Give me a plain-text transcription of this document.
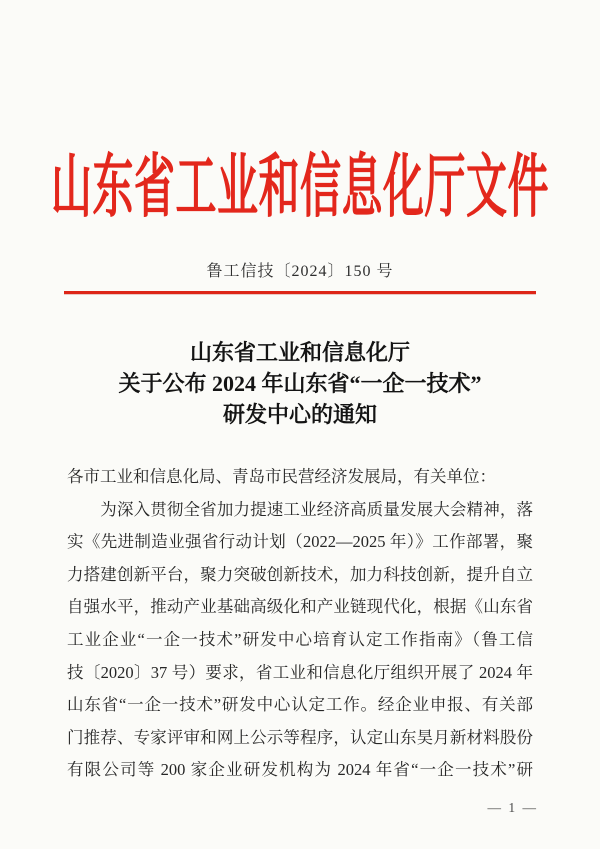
山东省工业和信息化厅文件
鲁工信技〔2024〕150 号
山东省工业和信息化厅
关于公布 2024 年山东省“一企一技术”
研发中心的通知
各市工业和信息化局、青岛市民营经济发展局，有关单位：
　　为深入贯彻全省加力提速工业经济高质量发展大会精神，落
实《先进制造业强省行动计划（2022—2025 年）》工作部署，聚
力搭建创新平台，聚力突破创新技术，加力科技创新，提升自立
自强水平，推动产业基础高级化和产业链现代化，根据《山东省
工业企业“一企一技术”研发中心培育认定工作指南》（鲁工信
技〔2020〕37 号）要求，省工业和信息化厅组织开展了 2024 年
山东省“一企一技术”研发中心认定工作。经企业申报、有关部
门推荐、专家评审和网上公示等程序，认定山东昊月新材料股份
有限公司等 200 家企业研发机构为 2024 年省“一企一技术”研
— 1 —
